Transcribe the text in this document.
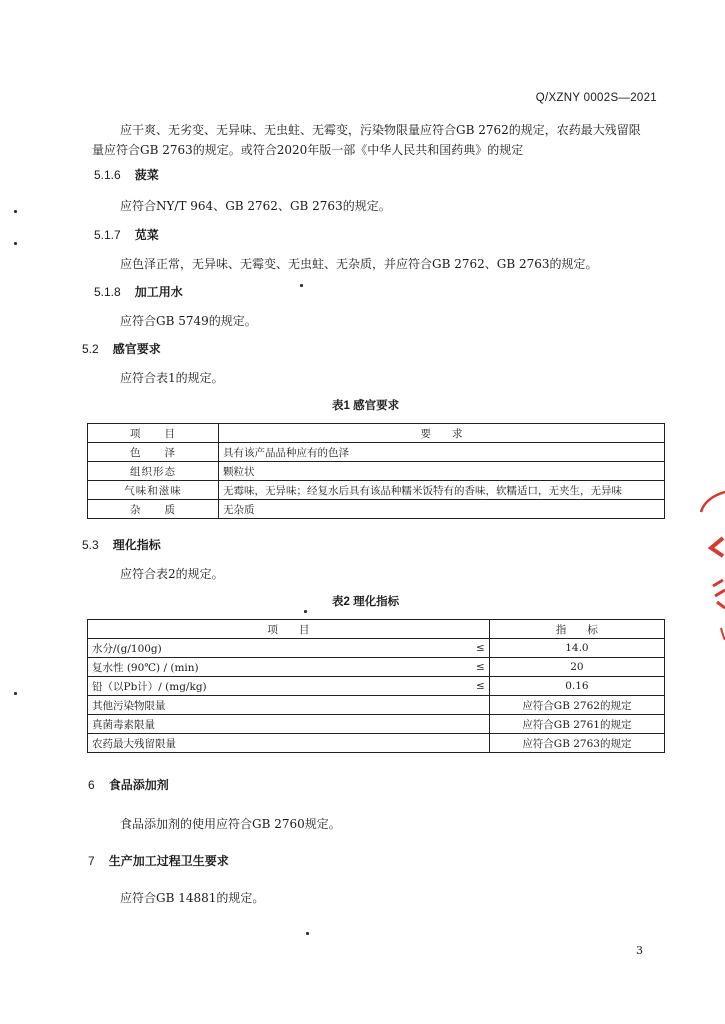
Q/XZNY 0002S—2021
应干爽、无劣变、无异味、无虫蛀、无霉变，污染物限量应符合GB 2762的规定，农药最大残留限
量应符合GB 2763的规定。或符合2020年版一部《中华人民共和国药典》的规定
5.1.6 菠菜
应符合NY/T 964、GB 2762、GB 2763的规定。
5.1.7 苋菜
应色泽正常，无异味、无霉变、无虫蛀、无杂质，并应符合GB 2762、GB 2763的规定。
5.1.8 加工用水
应符合GB 5749的规定。
5.2 感官要求
应符合表1的规定。
表1 感官要求
项　　目	要　　求
色　　泽	具有该产品品种应有的色泽
组织形态	颗粒状
气味和滋味	无霉味，无异味；经复水后具有该品种糯米饭特有的香味，软糯适口，无夹生，无异味
杂　　质	无杂质
5.3 理化指标
应符合表2的规定。
表2 理化指标
项　　目		指　　标
水分/(g/100g)	≤	14.0
复水性 (90℃) / (min)	≤	20
铅（以Pb计）/ (mg/kg)	≤	0.16
其他污染物限量		应符合GB 2762的规定
真菌毒素限量		应符合GB 2761的规定
农药最大残留限量		应符合GB 2763的规定
6 食品添加剂
食品添加剂的使用应符合GB 2760规定。
7 生产加工过程卫生要求
应符合GB 14881的规定。
3
